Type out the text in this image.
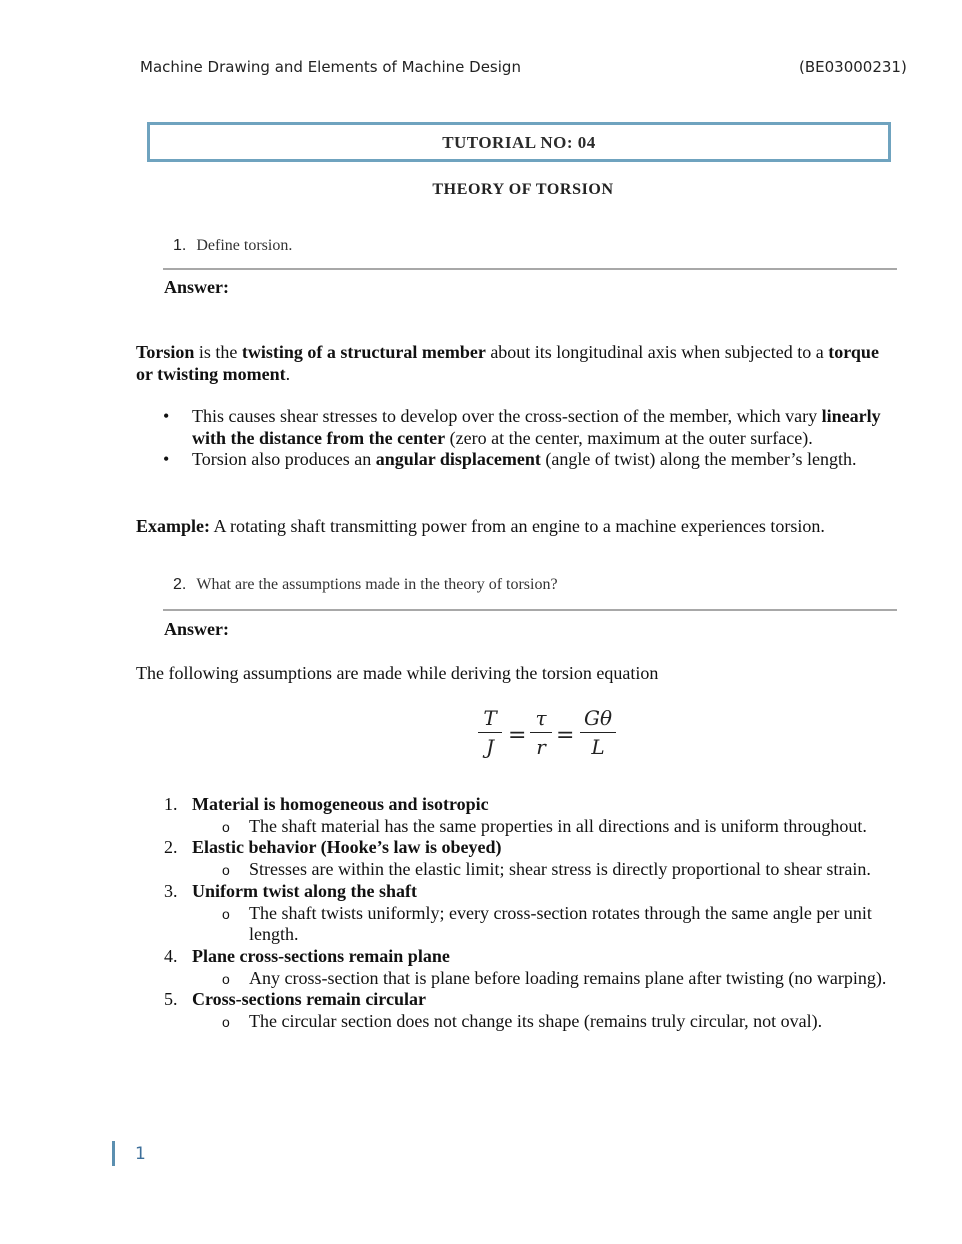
Machine Drawing and Elements of Machine Design	(BE03000231)
TUTORIAL NO: 04
THEORY OF TORSION
1. Define torsion.
Answer:
Torsion is the twisting of a structural member about its longitudinal axis when subjected to a torque or twisting moment.
• This causes shear stresses to develop over the cross-section of the member, which vary linearly with the distance from the center (zero at the center, maximum at the outer surface).
• Torsion also produces an angular displacement (angle of twist) along the member’s length.
Example: A rotating shaft transmitting power from an engine to a machine experiences torsion.
2. What are the assumptions made in the theory of torsion?
Answer:
The following assumptions are made while deriving the torsion equation
T
J =
τ
r =
Gθ
L
1. Material is homogeneous and isotropic
o The shaft material has the same properties in all directions and is uniform throughout.
2. Elastic behavior (Hooke’s law is obeyed)
o Stresses are within the elastic limit; shear stress is directly proportional to shear strain.
3. Uniform twist along the shaft
o The shaft twists uniformly; every cross-section rotates through the same angle per unit length.
4. Plane cross-sections remain plane
o Any cross-section that is plane before loading remains plane after twisting (no warping).
5. Cross-sections remain circular
o The circular section does not change its shape (remains truly circular, not oval).
1
